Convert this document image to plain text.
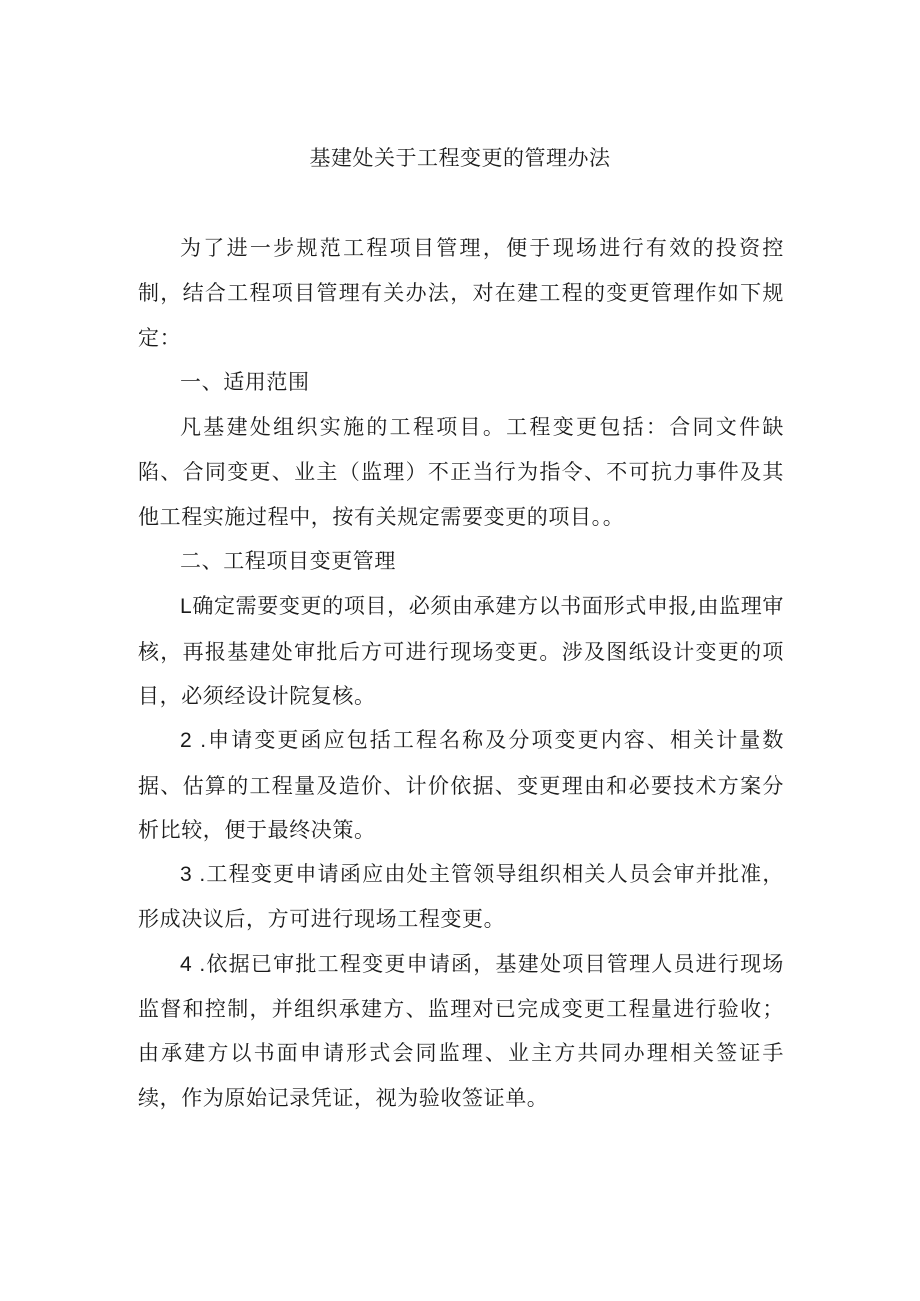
基建处关于工程变更的管理办法

为了进一步规范工程项目管理，便于现场进行有效的投资控制，结合工程项目管理有关办法，对在建工程的变更管理作如下规定：

一、适用范围

凡基建处组织实施的工程项目。工程变更包括：合同文件缺陷、合同变更、业主（监理）不正当行为指令、不可抗力事件及其他工程实施过程中，按有关规定需要变更的项目。。

二、工程项目变更管理

L确定需要变更的项目，必须由承建方以书面形式申报,由监理审核，再报基建处审批后方可进行现场变更。涉及图纸设计变更的项目，必须经设计院复核。

2 .申请变更函应包括工程名称及分项变更内容、相关计量数据、估算的工程量及造价、计价依据、变更理由和必要技术方案分析比较，便于最终决策。

3 .工程变更申请函应由处主管领导组织相关人员会审并批准，形成决议后，方可进行现场工程变更。

4 .依据已审批工程变更申请函，基建处项目管理人员进行现场监督和控制，并组织承建方、监理对已完成变更工程量进行验收；由承建方以书面申请形式会同监理、业主方共同办理相关签证手续，作为原始记录凭证，视为验收签证单。
